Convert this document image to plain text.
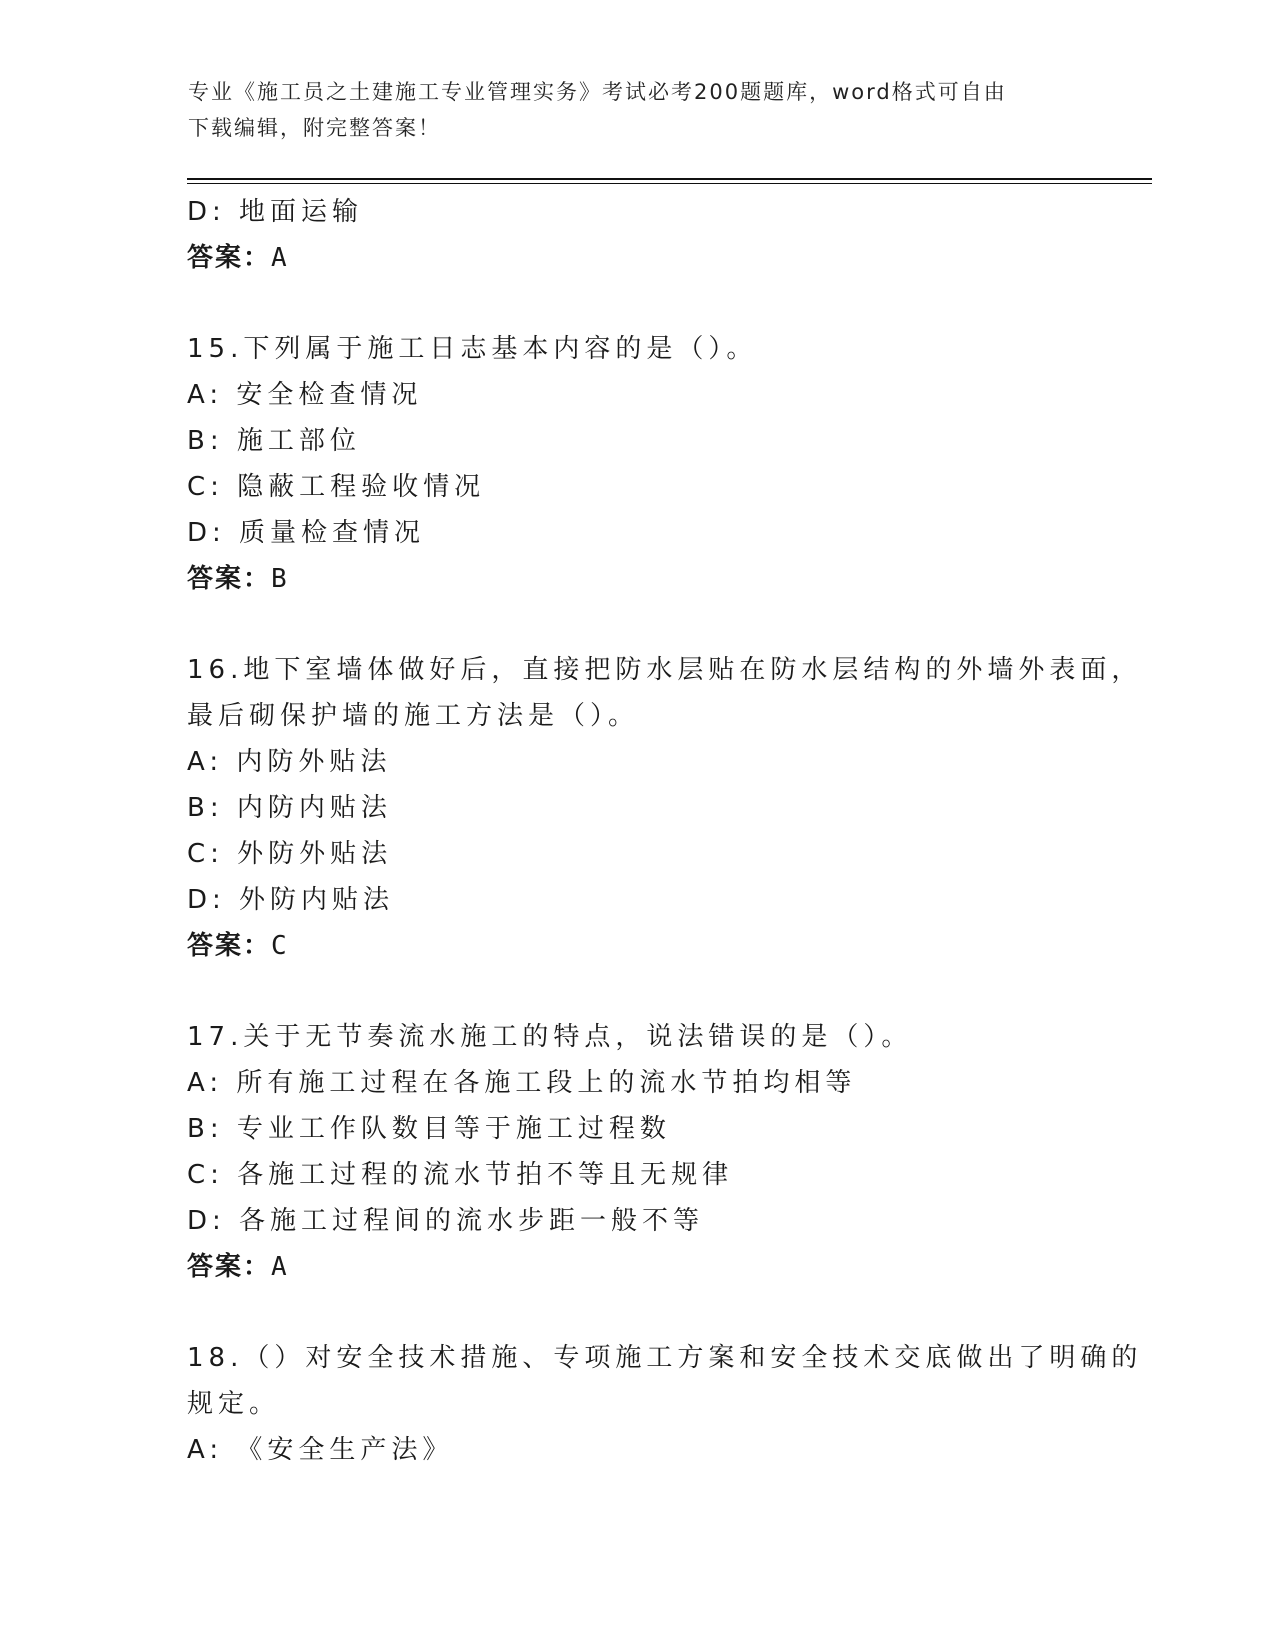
专业《施工员之土建施工专业管理实务》考试必考200题题库，word格式可自由
下载编辑，附完整答案！
D: 地面运输
答案：A
15.下列属于施工日志基本内容的是（）。
A: 安全检查情况
B: 施工部位
C: 隐蔽工程验收情况
D: 质量检查情况
答案：B
16.地下室墙体做好后，直接把防水层贴在防水层结构的外墙外表面，
最后砌保护墙的施工方法是（）。
A: 内防外贴法
B: 内防内贴法
C: 外防外贴法
D: 外防内贴法
答案：C
17.关于无节奏流水施工的特点，说法错误的是（）。
A: 所有施工过程在各施工段上的流水节拍均相等
B: 专业工作队数目等于施工过程数
C: 各施工过程的流水节拍不等且无规律
D: 各施工过程间的流水步距一般不等
答案：A
18.（）对安全技术措施、专项施工方案和安全技术交底做出了明确的
规定。
A: 《安全生产法》
